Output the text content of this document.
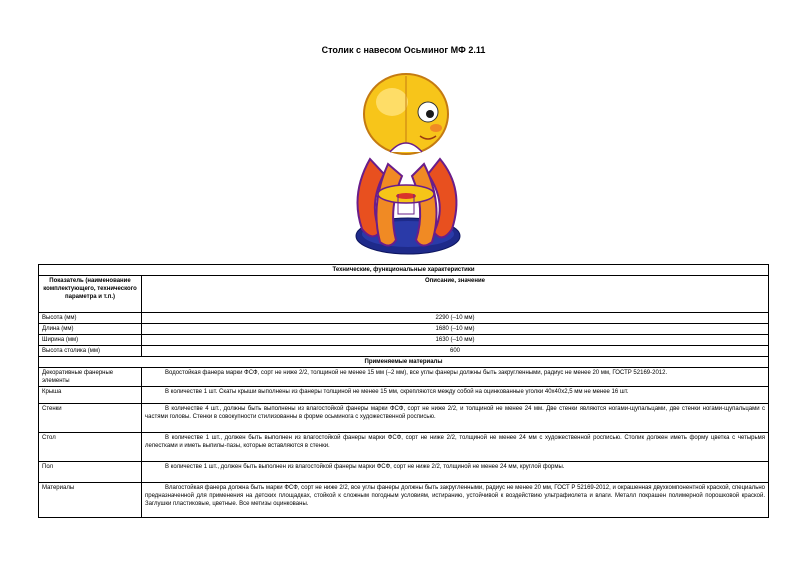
Столик с навесом Осьминог МФ 2.11
Технические, функциональные характеристики	
Показатель (наименование комплектующего, технического параметра и т.п.)	Описание, значение
Высота (мм)	2290 ( ̶ 10 мм)
Длина (мм)	1680 ( ̶ 10 мм)
Ширина (мм)	1630 ( ̶ 10 мм)
Высота столика (мм)	600
Применяемые материалы	
Декоративные фанерные элементы	Водостойкая фанера марки ФСФ, сорт не ниже 2/2, толщиной не менее 15 мм ( ̶ 2 мм), все углы фанеры должны быть закругленными, радиус не менее 20 мм, ГОСТР 52169-2012.
Крыша	В количестве 1 шт. Скаты крыши выполнены из фанеры толщиной не менее 15 мм, скрепляются между собой на оцинкованные уголки 40х40х2,5 мм не менее 16 шт.
Стенки	В количестве 4 шт., должны быть выполнены из влагостойкой фанеры марки ФСФ, сорт не ниже 2/2, и толщиной не менее 24 мм. Две стенки являются ногами-щупальцами, две стенки ногами-щупальцами с частями головы. Стенки в совокупности стилизованны в форме осьминога с художественной росписью.
Стол	В количестве 1 шт., должен быть выполнен из влагостойкой фанеры марки ФСФ, сорт не ниже 2/2, толщиной не менее 24 мм с художественной росписью. Столик должен иметь форму цветка с четырьмя лепестками и иметь выпилы-пазы, которые вставляются в стенки.
Пол	В количестве 1 шт., должен быть выполнен из влагостойкой фанеры марки ФСФ, сорт не ниже 2/2, толщиной не менее 24 мм, круглой формы.
Материалы	Влагостойкая фанера должна быть марки ФСФ, сорт не ниже 2/2, все углы фанеры должны быть закругленными, радиус не менее 20 мм, ГОСТ Р 52169-2012, и окрашенная двухкомпонентной краской, специально предназначенной для применения на детских площадках, стойкой к сложным погодным условиям, истиранию, устойчивой к воздействию ультрафиолета и влаги. Металл покрашен полимерной порошковой краской. Заглушки пластиковые, цветные. Все метизы оцинкованы.
